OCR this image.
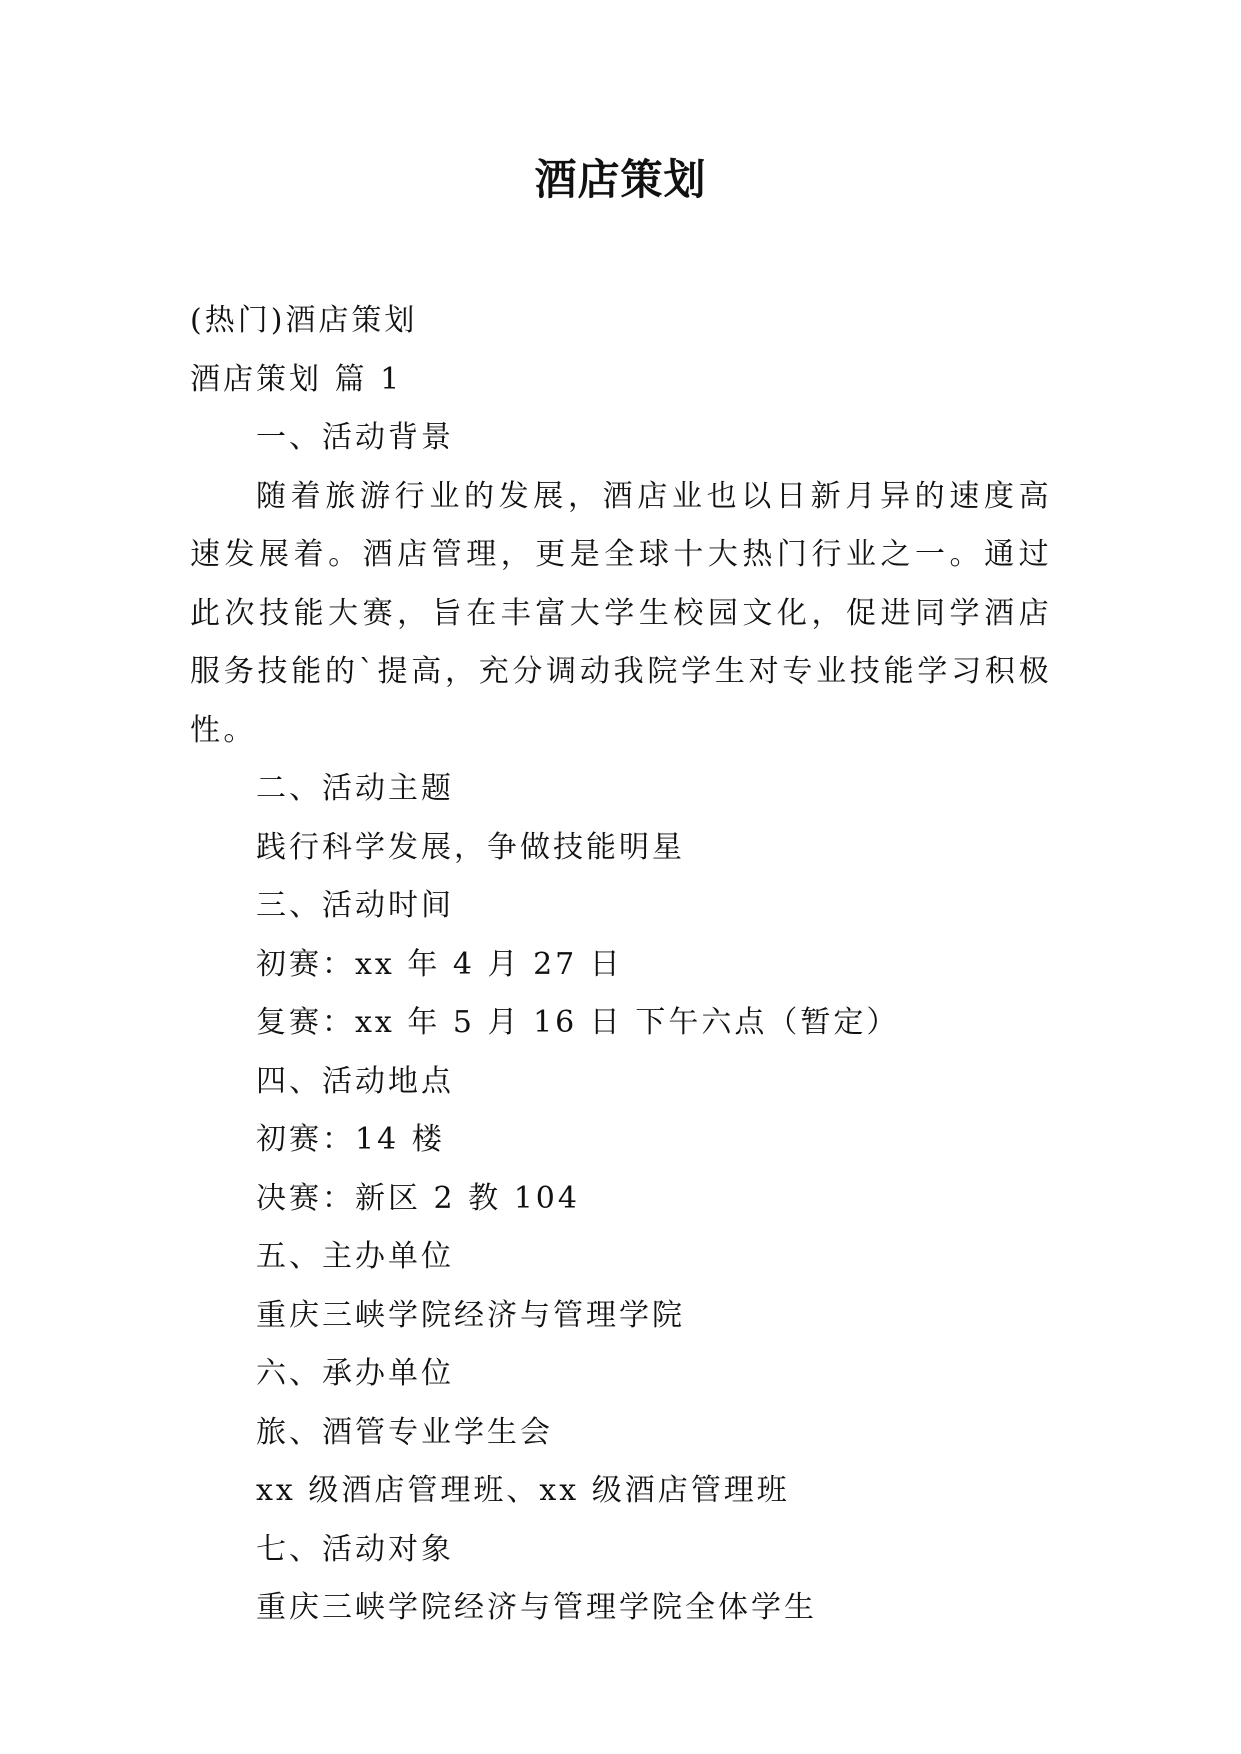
酒店策划

(热门)酒店策划

酒店策划 篇 1

一、活动背景

随着旅游行业的发展，酒店业也以日新月异的速度高速发展着。酒店管理，更是全球十大热门行业之一。通过此次技能大赛，旨在丰富大学生校园文化，促进同学酒店服务技能的`提高，充分调动我院学生对专业技能学习积极性。

二、活动主题

践行科学发展，争做技能明星

三、活动时间

初赛：xx 年 4 月 27 日

复赛：xx 年 5 月 16 日 下午六点（暂定）

四、活动地点

初赛：14 楼

决赛：新区 2 教 104

五、主办单位

重庆三峡学院经济与管理学院

六、承办单位

旅、酒管专业学生会

xx 级酒店管理班、xx 级酒店管理班

七、活动对象

重庆三峡学院经济与管理学院全体学生
